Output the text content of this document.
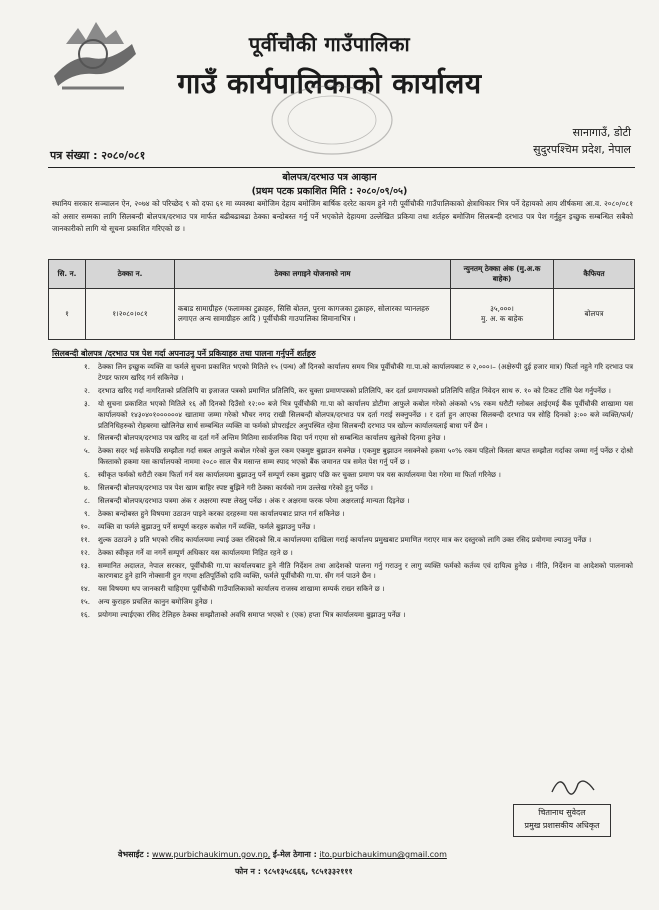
पूर्वीचौकी गाउँपालिका
गाउँ कार्यपालिकाको कार्यालय
सानागाउँ, डोटी
सुदुरपश्चिम प्रदेश, नेपाल
पत्र संख्या : २०८०/०८१
बोलपत्र/दरभाउ पत्र आव्हान
(प्रथम पटक प्रकाशित मिति : २०८०/०९/०५)
स्थानिय सरकार सञ्चालन ऐन, २०७४ को परिच्छेद ९ को दफा ६१ मा व्यवस्था बमोजिम देहाय बमोजिम बार्षिक दररेट कायम हुने गरी पूर्वीचौकी गाउँपालिकाको क्षेत्राधिकार भित्र पर्ने देहायको आय शीर्षकमा आ.व. २०८०/०८१ को असार सम्मका लागि सिलबन्दी बोलपत्र/दरभाउ पत्र मार्फत बढीबढाबढा ठेक्का बन्दोबस्त गर्नु पर्ने भएकोले देहायमा उल्लेखित प्रकिया तथा शर्तहरु बमोजिम सिलबन्दी दरभाउ पत्र पेश गर्नुहुन इच्छुक सम्बन्धित सबैको जानकारीको लागि यो सूचना प्रकाशित गरिएको छ ।
सि. न.	ठेक्का न.	ठेक्का लगाइने योजनाको नाम	न्युनतम् ठेक्का अंक (मु.अ.क बाहेक)	कैफियत
१	१।२०८०।०८१	कबाड सामाग्रीहरु (फलामका टुक्राहरु, सिसि बोतल, पुरना कागजका टुक्राहरु, सोलारका प्यानलहरु लगाएत अन्य सामाग्रीहरु आदि ) पूर्वीचौकी गाउपालिका सिमानाभित्र ।	३५,०००।
मु. अ. क बाहेक	बोलपत्र
सिलबन्दी बोलपत्र /दरभाउ पत्र पेश गर्दा अपनाउनु पर्ने प्रकियाहरु तथा पालना गर्नुपर्ने शर्तहरु
१.	ठेक्का लिन इच्छुक व्यक्ति वा फर्मले सुचना प्रकाशित भएको मितिले १५ (पन्ध) औं दिनको कार्यालय समय भित्र पूर्वीचौकी गा.पा.को कार्यालयबाट रु २,०००।– (अक्षेरुपी दुई हजार मात्र) फिर्ता नहुने गरि दरभाउ पत्र टेण्डर फारम खरिद गर्न सकिनेछ ।
२.	दरभाउ खरिद गर्दा नागरिताको प्रतिलिपि वा इजाजत पत्रको प्रमाणित प्रतिलिपि, कर चुक्ता प्रमाणपत्रको प्रतिलिपि, कर दर्ता प्रमाणपत्रको प्रतिलिपि सहित निवेदन साथ रु. १० को टिकट टाँसि पेश गर्नुपर्नेछ ।
३.	यो सुचना प्रकाशित भएको मितिले १६ औं दिनको दिउँसो १२:०० बजे भित्र पूर्वीचौकी गा.पा को कार्यालय डोटीमा आफुले कबोल गरेको अंकको ५% रकम धरौटी ग्लोबल आईएमई बैंक पूर्वीचौकी शाखामा यस कार्यालयको १४३०४०१००००००४ खातामा जम्मा गरेको भौचर नगद राखी सिलबन्दी बोलपत्र/दरभाउ पत्र दर्ता गराई सक्नुपर्नेछ । र दर्ता हुन आएका सिलबन्दी दरभाउ पत्र सोहि दिनको ३:०० बजे व्यक्ति/फर्म/प्रतिनिधिहरुको रोहबरमा खोलिनेछ सार्थ सम्बन्धित व्यक्ति वा फर्मको प्रोपराईटर अनुपस्थित रहेमा सिलबन्दी दरभाउ पत्र खोल्न कार्यालयलाई बाधा पर्ने छैन ।
४.	सिलबन्दी बोलपत्र/दरभाउ पत्र खरिद वा दर्ता गर्ने अन्तिम मितिमा सार्वजनिक विदा पर्न गएमा सो सम्बन्धित कार्यालय खुलेको दिनमा हुनेछ ।
५.	ठेक्का सदर भई सकेपछि सम्झौता गर्दा सबल आफुले कबोल गरेको कुल रकम एकमुष्ट बुझाउन सक्नेछ । एकमुष्ट बुझाउन नसक्नेको हकमा ५०% रकम पहिलो किस्ता बापत सम्झौता गर्दाका जम्मा गर्नु पर्नेछ र दोश्रो किस्ताको हकमा यस कार्यालयको नाममा २०८० साल चैत्र मसान्त सम्म स्याद भएको बैंक जमानत पत्र समेत पेश गर्नु पर्ने छ ।
६.	स्वीकृत फर्मको धरौटी रकम फिर्ता गर्न यस कार्यालयमा बुझाउनु पर्ने सम्पूर्ण रकम बुझाए पछि कर चुक्ता प्रमाण पत्र यस कार्यालयमा पेश गरेमा मा फिर्ता गरिनेछ ।
७.	सिलबन्दी बोलपत्र/दरभाउ पत्र पेश खाम बाहिर स्पष्ट बुझिने गरी ठेक्का कार्यको नाम उल्लेख गरेको हुनु पर्नेछ ।
८.	सिलबन्दी बोलपत्र/दरभाउ पत्रमा अंक र अक्षरमा स्पष्ट लेख्नु पर्नेछ । अंक र अक्षरमा फरक परेमा अक्षरलाई मान्यता दिइनेछ ।
९.	ठेक्का बन्दोबस्त हुने विषयमा उठाउन पाइने करका दरहरुमा यस कार्यालयबाट प्राप्त गर्न सकिनेछ ।
१०.	व्यक्ति वा फर्मले बुझाउनु पर्ने सम्पूर्ण करहरु कबोल गर्ने व्यक्ति, फर्मले बुझाउनु पर्नेछ ।
११.	शुल्क उठाउने ३ प्रति भएको रसिद कार्यालयमा ल्याई उक्त रसिदको सि.व कार्यालयमा दाखिला गराई कार्यालय प्रमुखबाट प्रमाणित गराएर मात्र कर दस्तुरको लागि उक्त रसिद प्रयोगमा ल्याउनु पर्नेछ ।
१२.	ठेक्का स्वीकृत गर्ने वा नगर्ने सम्पूर्ण अधिकार यस कार्यालयमा निहित रहने छ ।
१३.	सम्मानित अदालत, नेपाल सरकार, पूर्वीचौकी गा.पा कार्यालयबाट हुने नीति निर्देशन तथा आदेशको पालना गर्नु गराउनु र लागु व्यक्ति फर्मको कर्तव्य एवं दायित्व हुनेछ । नीति, निर्देशन वा आदेशको पालनाको कारणबाट हुने हानि नोक्सानी हुन गएमा क्षतिपूर्तिको दावि व्यक्ति, फर्मले पूर्वीचौकी गा.पा. सँग गर्न पाउने छैन ।
१४.	यस विषयमा थप जानकारी चाहिएमा पूर्वीचौकी गाउँपालिकाको कार्यालय राजस्व शाखामा सम्पर्क राख्न सकिने छ ।
१५.	अन्य कुराहरु प्रचलित कानुन बमोजिम हुनेछ ।
१६.	प्रयोगमा ल्याईएका रसिद टेलिहरु ठेक्का सम्झौताको अवधि समाप्त भएको १ (एक) हप्ता भित्र कार्यालयमा बुझाउनु पर्नेछ ।
चितानाथ सुवेदल
प्रमुख प्रशासकीय अधिकृत
वेभसाईट : www.purbichaukimun.gov.np, ई-मेल ठेगाना : ito.purbichaukimun@gmail.com
फोन न : ९८५१३५८६६६, ९८५१३३२१११
